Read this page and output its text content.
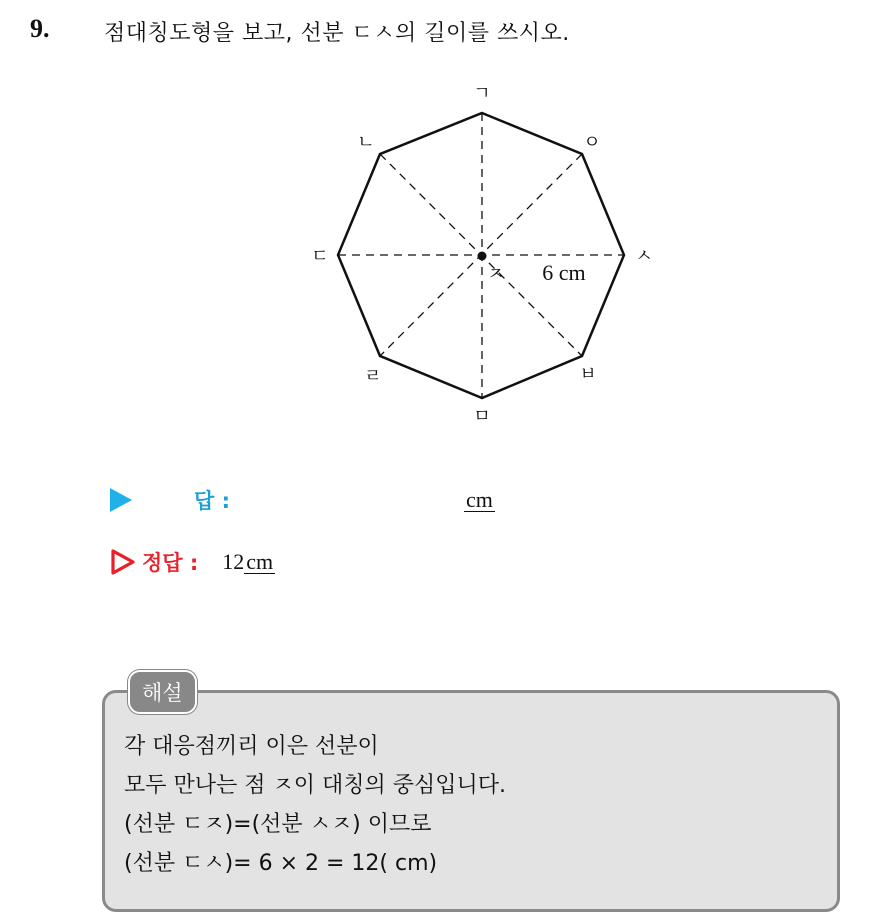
9. 점대칭도형을 보고, 선분 ㄷㅅ의 길이를 쓰시오.
ㄱ
ㅇ
ㅅ
ㅂ
ㅁ
ㄹ
ㄷ
ㄴ
ㅈ 6 cm
답 :	cm
정답 : 12 cm
해설
각 대응점끼리 이은 선분이
모두 만나는 점 ㅈ이 대칭의 중심입니다.
(선분 ㄷㅈ)=(선분 ㅅㅈ) 이므로
(선분 ㄷㅅ)= 6 × 2 = 12( cm)
